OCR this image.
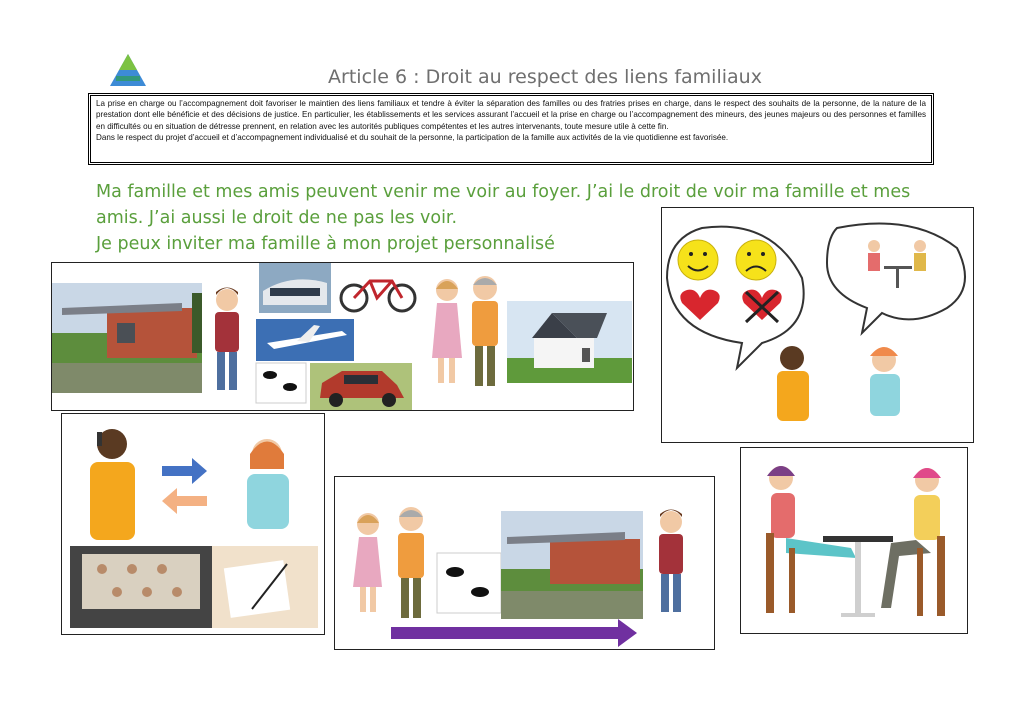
Article 6 : Droit au respect des liens familiaux

La prise en charge ou l’accompagnement doit favoriser le maintien des liens familiaux et tendre à éviter la séparation des familles ou des fratries prises en charge, dans le respect des souhaits de la personne, de la nature de la prestation dont elle bénéficie et des décisions de justice. En particulier, les établissements et les services assurant l’accueil et la prise en charge ou l’accompagnement des mineurs, des jeunes majeurs ou des personnes et familles en difficultés ou en situation de détresse prennent, en relation avec les autorités publiques compétentes et les autres intervenants, toute mesure utile à cette fin.

Dans le respect du projet d’accueil et d’accompagnement individualisé et du souhait de la personne, la participation de la famille aux activités de la vie quotidienne est favorisée.

Ma famille et mes amis peuvent venir me voir au foyer. J’ai le droit de voir ma famille et mes

amis. J’ai aussi le droit de ne pas les voir.

Je peux inviter ma famille à mon projet personnalisé
